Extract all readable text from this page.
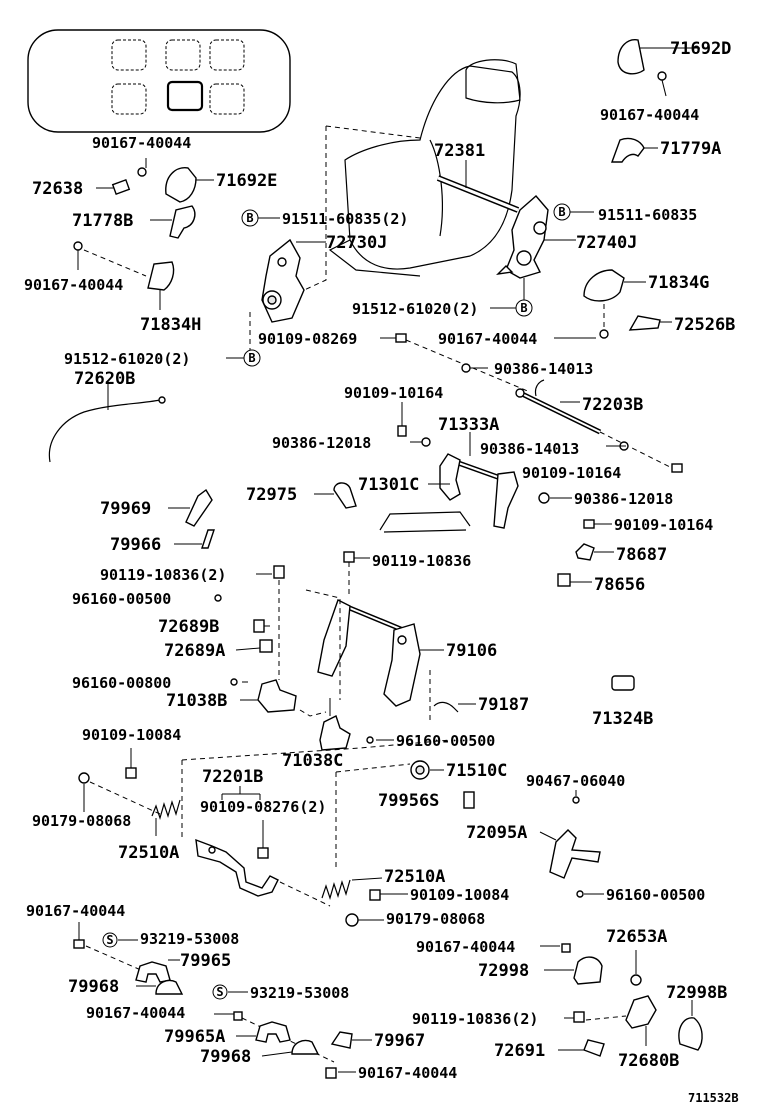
S
S
B	B
B
B
71692D
90167-40044
71779A
90167-40044	72381
72638	71692E
71778B	91511-60835(2)	91511-60835
72730J	72740J
90167-40044	71834G
71834H
91512-61020(2)
90167-40044
72526B
90109-08269
91512-61020(2)
90386-14013
72620B
90109-10164
72203B
71333A
90386-12018	90386-14013
90109-10164
72975	71301C
90386-12018
79969
90109-10164
79966	78687
90119-10836
78656
90119-10836(2)
96160-00500
72689B
72689A	79106
96160-00800
71038B	79187
71324B
90109-10084	96160-00500
71038C	71510C
72201B	90467-06040
90109-08276(2)	79956S
90179-08068
72095A
72510A
72510A
90109-10084	96160-00500
90167-40044	90179-08068
93219-53008	72653A
90167-40044
79965	72998
79968	93219-53008	72998B
90167-40044	90119-10836(2)
79965A	79967	72691
79968	72680B
90167-40044
711532B
